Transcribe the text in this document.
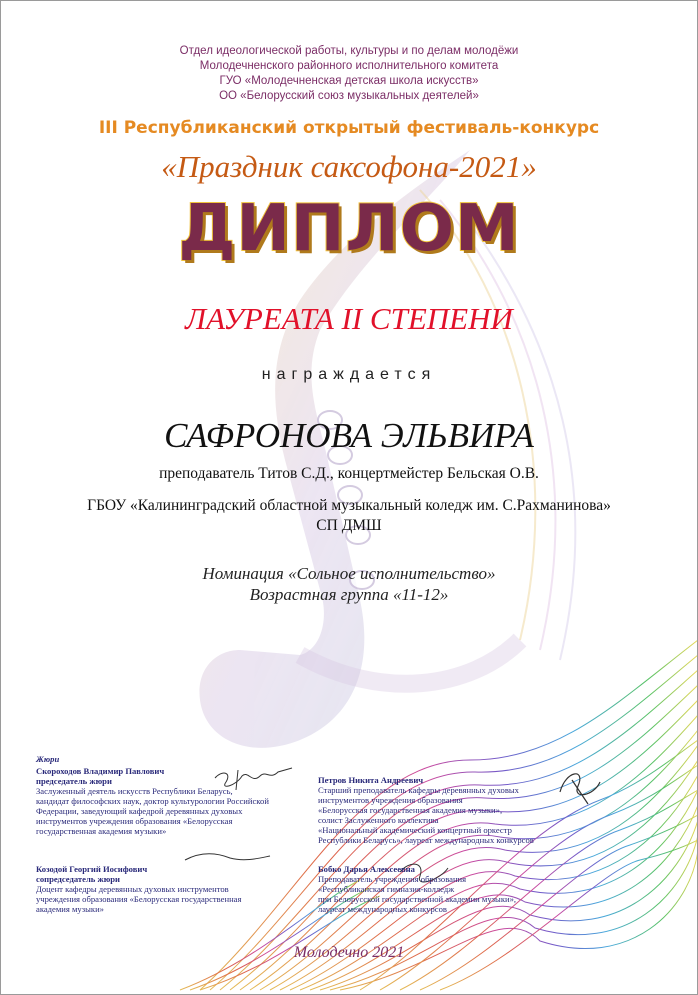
Отдел идеологической работы, культуры и по делам молодёжи
Молодечненского районного исполнительного комитета
ГУО «Молодечненская детская школа искусств»
ОО «Белорусский союз музыкальных деятелей»
III Республиканский открытый фестиваль-конкурс
«Праздник саксофона-2021»
ДИПЛОМ
ЛАУРЕАТА II СТЕПЕНИ
награждается
САФРОНОВА ЭЛЬВИРА
преподаватель Титов С.Д., концертмейстер Бельская О.В.
ГБОУ «Калининградский областной музыкальный коледж им. С.Рахманинова»
СП ДМШ
Номинация «Сольное исполнительство»
Возрастная группа «11-12»
Жюри
Скороходов Владимир Павлович
председатель жюри
Заслуженный деятель искусств Республики Беларусь,
кандидат философских наук, доктор культурологии Российской
Федерации, заведующий кафедрой деревянных духовых
инструментов учреждения образования «Белорусская
государственная академия музыки»
Петров Никита Андреевич
Старший преподаватель кафедры деревянных духовых
инструментов учреждения образования
«Белорусская государственная академия музыки»,
солист Заслуженного коллектива
«Национальный академический концертный оркестр
Республики Беларусь», лауреат международных конкурсов
Козодой Георгий Иосифович
сопредседатель жюри
Доцент кафедры деревянных духовых инструментов
учреждения образования «Белорусская государственная
академия музыки»
Бобко Дарья Алексеевна
Преподаватель учреждения образования
«Республиканская гимназия-колледж
при Белорусской государственной академии музыки»,
лауреат международных конкурсов
Молодечно 2021
